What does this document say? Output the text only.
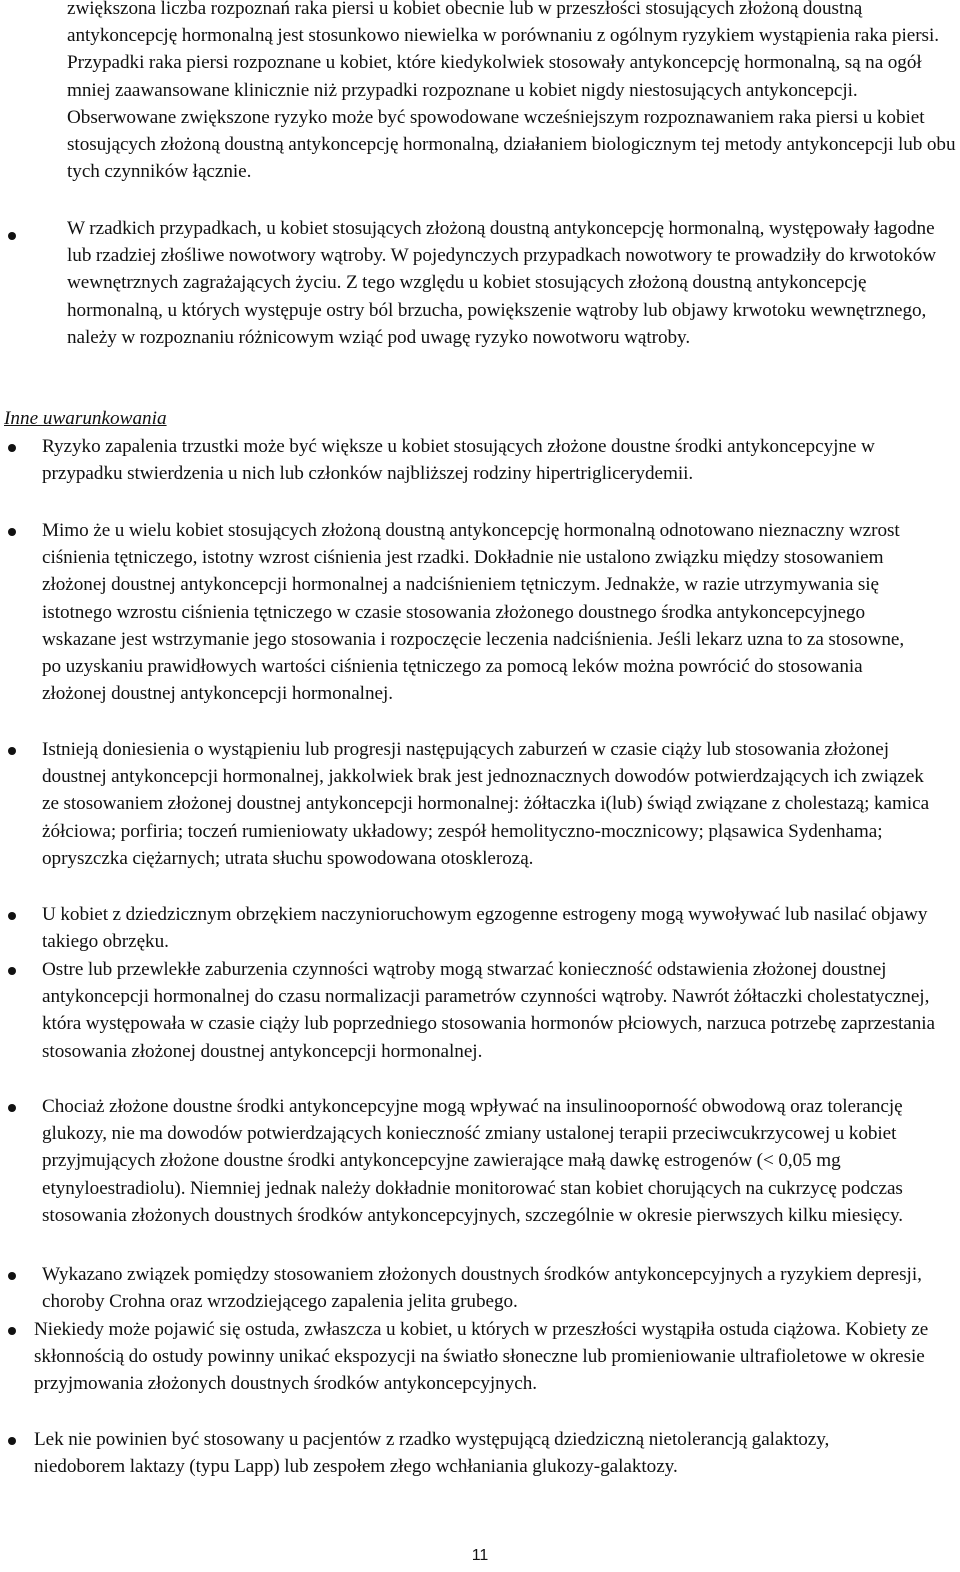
zwiększona liczba rozpoznań raka piersi u kobiet obecnie lub w przeszłości stosujących złożoną doustną antykoncepcję hormonalną jest stosunkowo niewielka w porównaniu z ogólnym ryzykiem wystąpienia raka piersi. Przypadki raka piersi rozpoznane u kobiet, które kiedykolwiek stosowały antykoncepcję hormonalną, są na ogół mniej zaawansowane klinicznie niż przypadki rozpoznane u kobiet nigdy niestosujących antykoncepcji. Obserwowane zwiększone ryzyko może być spowodowane wcześniejszym rozpoznawaniem raka piersi u kobiet stosujących złożoną doustną antykoncepcję hormonalną, działaniem biologicznym tej metody antykoncepcji lub obu tych czynników łącznie.

W rzadkich przypadkach, u kobiet stosujących złożoną doustną antykoncepcję hormonalną, występowały łagodne lub rzadziej złośliwe nowotwory wątroby. W pojedynczych przypadkach nowotwory te prowadziły do krwotoków wewnętrznych zagrażających życiu. Z tego względu u kobiet stosujących złożoną doustną antykoncepcję hormonalną, u których występuje ostry ból brzucha, powiększenie wątroby lub objawy krwotoku wewnętrznego, należy w rozpoznaniu różnicowym wziąć pod uwagę ryzyko nowotworu wątroby.

Inne uwarunkowania

Ryzyko zapalenia trzustki może być większe u kobiet stosujących złożone doustne środki antykoncepcyjne w przypadku stwierdzenia u nich lub członków najbliższej rodziny hipertriglicerydemii.

Mimo że u wielu kobiet stosujących złożoną doustną antykoncepcję hormonalną odnotowano nieznaczny wzrost ciśnienia tętniczego, istotny wzrost ciśnienia jest rzadki. Dokładnie nie ustalono związku między stosowaniem złożonej doustnej antykoncepcji hormonalnej a nadciśnieniem tętniczym. Jednakże, w razie utrzymywania się istotnego wzrostu ciśnienia tętniczego w czasie stosowania złożonego doustnego środka antykoncepcyjnego wskazane jest wstrzymanie jego stosowania i rozpoczęcie leczenia nadciśnienia. Jeśli lekarz uzna to za stosowne, po uzyskaniu prawidłowych wartości ciśnienia tętniczego za pomocą leków można powrócić do stosowania złożonej doustnej antykoncepcji hormonalnej.

Istnieją doniesienia o wystąpieniu lub progresji następujących zaburzeń w czasie ciąży lub stosowania złożonej doustnej antykoncepcji hormonalnej, jakkolwiek brak jest jednoznacznych dowodów potwierdzających ich związek ze stosowaniem złożonej doustnej antykoncepcji hormonalnej: żółtaczka i(lub) świąd związane z cholestazą; kamica żółciowa; porfiria; toczeń rumieniowaty układowy; zespół hemolityczno-mocznicowy; pląsawica Sydenhama; opryszczka ciężarnych; utrata słuchu spowodowana otosklerozą.

U kobiet z dziedzicznym obrzękiem naczynioruchowym egzogenne estrogeny mogą wywoływać lub nasilać objawy takiego obrzęku.

Ostre lub przewlekłe zaburzenia czynności wątroby mogą stwarzać konieczność odstawienia złożonej doustnej antykoncepcji hormonalnej do czasu normalizacji parametrów czynności wątroby. Nawrót żółtaczki cholestatycznej, która występowała w czasie ciąży lub poprzedniego stosowania hormonów płciowych, narzuca potrzebę zaprzestania stosowania złożonej doustnej antykoncepcji hormonalnej.

Chociaż złożone doustne środki antykoncepcyjne mogą wpływać na insulinooporność obwodową oraz tolerancję glukozy, nie ma dowodów potwierdzających konieczność zmiany ustalonej terapii przeciwcukrzycowej u kobiet przyjmujących złożone doustne środki antykoncepcyjne zawierające małą dawkę estrogenów (< 0,05 mg etynyloestradiolu). Niemniej jednak należy dokładnie monitorować stan kobiet chorujących na cukrzycę podczas stosowania złożonych doustnych środków antykoncepcyjnych, szczególnie w okresie pierwszych kilku miesięcy.

Wykazano związek pomiędzy stosowaniem złożonych doustnych środków antykoncepcyjnych a ryzykiem depresji, choroby Crohna oraz wrzodziejącego zapalenia jelita grubego.

Niekiedy może pojawić się ostuda, zwłaszcza u kobiet, u których w przeszłości wystąpiła ostuda ciążowa. Kobiety ze skłonnością do ostudy powinny unikać ekspozycji na światło słoneczne lub promieniowanie ultrafioletowe w okresie przyjmowania złożonych doustnych środków antykoncepcyjnych.

Lek nie powinien być stosowany u pacjentów z rzadko występującą dziedziczną nietolerancją galaktozy, niedoborem laktazy (typu Lapp) lub zespołem złego wchłaniania glukozy-galaktozy.

11
